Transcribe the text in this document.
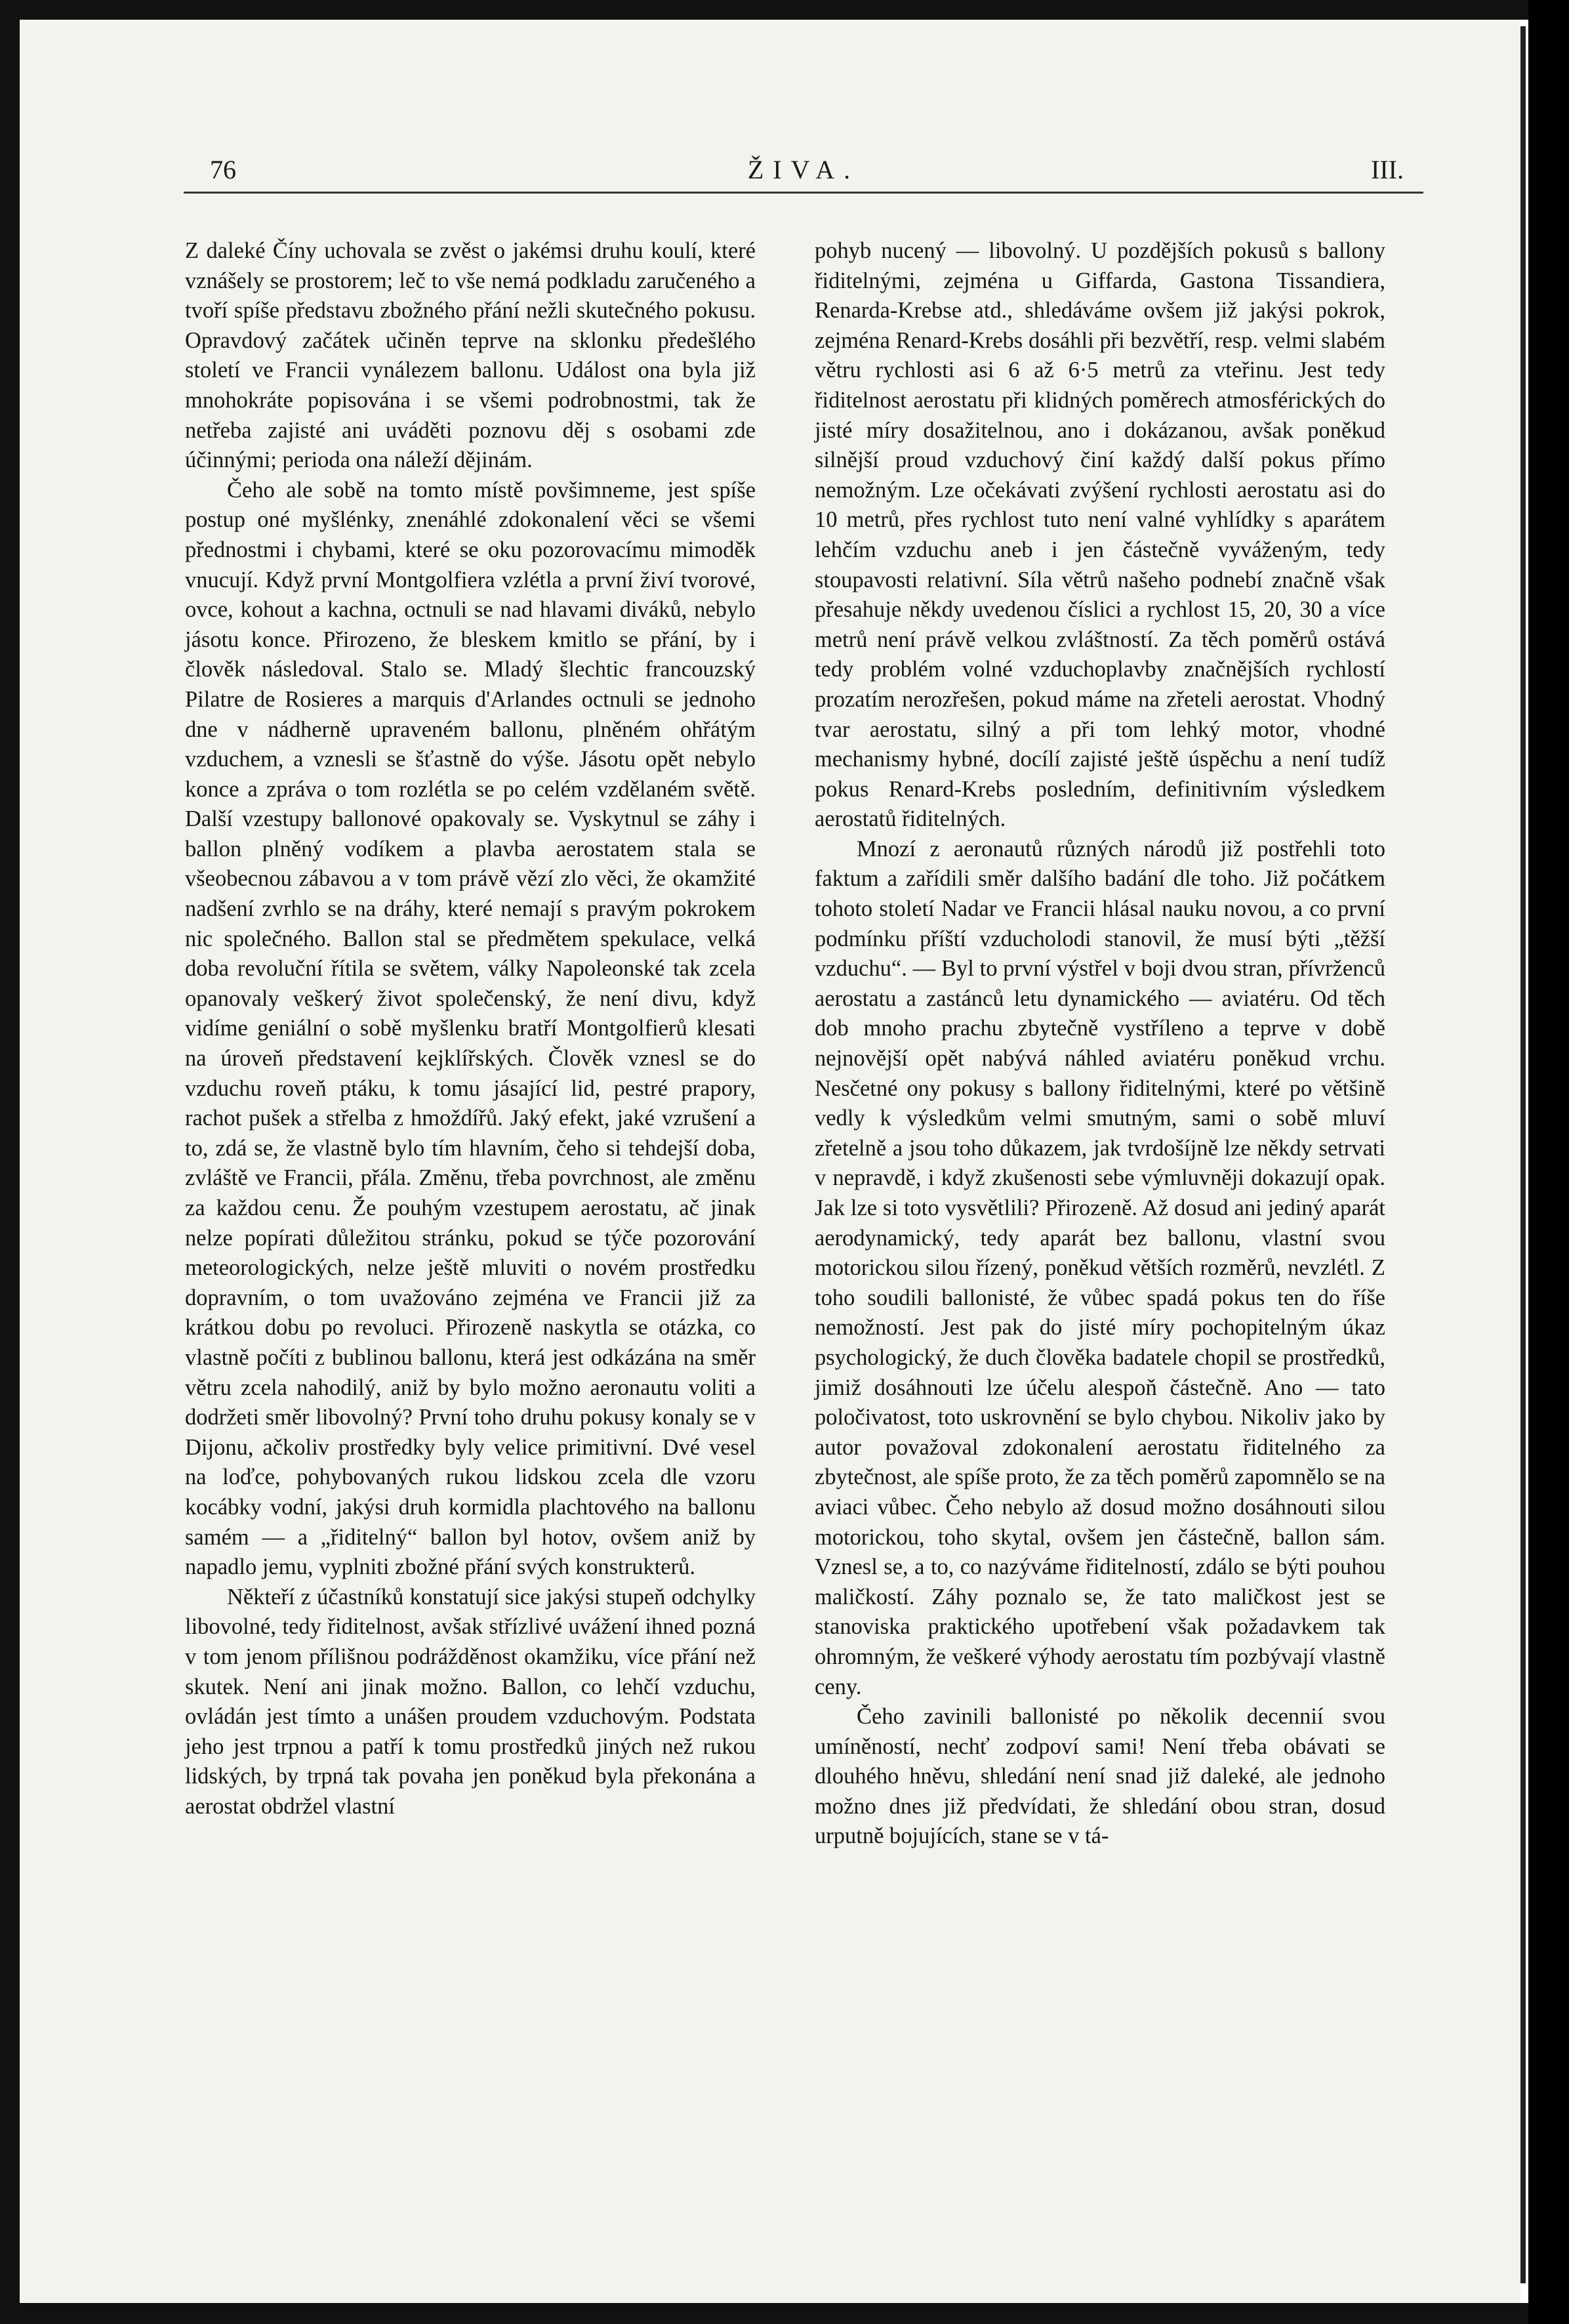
76	ŽIVA.	III.

Z daleké Číny uchovala se zvěst o jakémsi druhu koulí, které vznášely se prostorem; leč to vše nemá podkladu zaručeného a tvoří spíše představu zbožného přání nežli skutečného pokusu. Opravdový začátek učiněn teprve na sklonku předešlého století ve Francii vynálezem ballonu. Událost ona byla již mnohokráte popisována i se všemi podrobnostmi, tak že netřeba zajisté ani uváděti poznovu děj s osobami zde účinnými; perioda ona náleží dějinám.

Čeho ale sobě na tomto místě povšimneme, jest spíše postup oné myšlénky, znenáhlé zdokonalení věci se všemi přednostmi i chybami, které se oku pozorovacímu mimoděk vnucují. Když první Montgolfiera vzlétla a první živí tvorové, ovce, kohout a kachna, octnuli se nad hlavami diváků, nebylo jásotu konce. Přirozeno, že bleskem kmitlo se přání, by i člověk následoval. Stalo se. Mladý šlechtic francouzský Pilatre de Rosieres a marquis d'Arlandes octnuli se jednoho dne v nádherně upraveném ballonu, plněném ohřátým vzduchem, a vznesli se šťastně do výše. Jásotu opět nebylo konce a zpráva o tom rozlétla se po celém vzdělaném světě. Další vzestupy ballonové opakovaly se. Vyskytnul se záhy i ballon plněný vodíkem a plavba aerostatem stala se všeobecnou zábavou a v tom právě vězí zlo věci, že okamžité nadšení zvrhlo se na dráhy, které nemají s pravým pokrokem nic společného. Ballon stal se předmětem spekulace, velká doba revoluční řítila se světem, války Napoleonské tak zcela opanovaly veškerý život společenský, že není divu, když vidíme geniální o sobě myšlenku bratří Montgolfierů klesati na úroveň představení kejklířských. Člověk vznesl se do vzduchu roveň ptáku, k tomu jásající lid, pestré prapory, rachot pušek a střelba z hmoždířů. Jaký efekt, jaké vzrušení a to, zdá se, že vlastně bylo tím hlavním, čeho si tehdejší doba, zvláště ve Francii, přála. Změnu, třeba povrchnost, ale změnu za každou cenu. Že pouhým vzestupem aerostatu, ač jinak nelze popírati důležitou stránku, pokud se týče pozorování meteorologických, nelze ještě mluviti o novém prostředku dopravním, o tom uvažováno zejména ve Francii již za krátkou dobu po revoluci. Přirozeně naskytla se otázka, co vlastně počíti z bublinou ballonu, která jest odkázána na směr větru zcela nahodilý, aniž by bylo možno aeronautu voliti a dodržeti směr libovolný? První toho druhu pokusy konaly se v Dijonu, ačkoliv prostředky byly velice primitivní. Dvé vesel na loďce, pohybovaných rukou lidskou zcela dle vzoru kocábky vodní, jakýsi druh kormidla plachtového na ballonu samém — a „řiditelný“ ballon byl hotov, ovšem aniž by napadlo jemu, vyplniti zbožné přání svých konstrukterů.

Někteří z účastníků konstatují sice jakýsi stupeň odchylky libovolné, tedy řiditelnost, avšak střízlivé uvážení ihned pozná v tom jenom přílišnou podrážděnost okamžiku, více přání než skutek. Není ani jinak možno. Ballon, co lehčí vzduchu, ovládán jest tímto a unášen proudem vzduchovým. Podstata jeho jest trpnou a patří k tomu prostředků jiných než rukou lidských, by trpná tak povaha jen poněkud byla překonána a aerostat obdržel vlastní

pohyb nucený — libovolný. U pozdějších pokusů s ballony řiditelnými, zejména u Giffarda, Gastona Tissandiera, Renarda-Krebse atd., shledáváme ovšem již jakýsi pokrok, zejména Renard-Krebs dosáhli při bezvětří, resp. velmi slabém větru rychlosti asi 6 až 6·5 metrů za vteřinu. Jest tedy řiditelnost aerostatu při klidných poměrech atmosférických do jisté míry dosažitelnou, ano i dokázanou, avšak poněkud silnější proud vzduchový činí každý další pokus přímo nemožným. Lze očekávati zvýšení rychlosti aerostatu asi do 10 metrů, přes rychlost tuto není valné vyhlídky s aparátem lehčím vzduchu aneb i jen částečně vyváženým, tedy stoupavosti relativní. Síla větrů našeho podnebí značně však přesahuje někdy uvedenou číslici a rychlost 15, 20, 30 a více metrů není právě velkou zvláštností. Za těch poměrů ostává tedy problém volné vzduchoplavby značnějších rychlostí prozatím nerozřešen, pokud máme na zřeteli aerostat. Vhodný tvar aerostatu, silný a při tom lehký motor, vhodné mechanismy hybné, docílí zajisté ještě úspěchu a není tudíž pokus Renard-Krebs posledním, definitivním výsledkem aerostatů řiditelných.

Mnozí z aeronautů různých národů již postřehli toto faktum a zařídili směr dalšího badání dle toho. Již počátkem tohoto století Nadar ve Francii hlásal nauku novou, a co první podmínku příští vzducholodi stanovil, že musí býti „těžší vzduchu“. — Byl to první výstřel v boji dvou stran, přívrženců aerostatu a zastánců letu dynamického — aviatéru. Od těch dob mnoho prachu zbytečně vystříleno a teprve v době nejnovější opět nabývá náhled aviatéru poněkud vrchu. Nesčetné ony pokusy s ballony řiditelnými, které po většině vedly k výsledkům velmi smutným, sami o sobě mluví zřetelně a jsou toho důkazem, jak tvrdošíjně lze někdy setrvati v nepravdě, i když zkušenosti sebe výmluvněji dokazují opak. Jak lze si toto vysvětlili? Přirozeně. Až dosud ani jediný aparát aerodynamický, tedy aparát bez ballonu, vlastní svou motorickou silou řízený, poněkud větších rozměrů, nevzlétl. Z toho soudili ballonisté, že vůbec spadá pokus ten do říše nemožností. Jest pak do jisté míry pochopitelným úkaz psychologický, že duch člověka badatele chopil se prostředků, jimiž dosáhnouti lze účelu alespoň částečně. Ano — tato poločivatost, toto uskrovnění se bylo chybou. Nikoliv jako by autor považoval zdokonalení aerostatu řiditelného za zbytečnost, ale spíše proto, že za těch poměrů zapomnělo se na aviaci vůbec. Čeho nebylo až dosud možno dosáhnouti silou motorickou, toho skytal, ovšem jen částečně, ballon sám. Vznesl se, a to, co nazýváme řiditelností, zdálo se býti pouhou maličkostí. Záhy poznalo se, že tato maličkost jest se stanoviska praktického upotřebení však požadavkem tak ohromným, že veškeré výhody aerostatu tím pozbývají vlastně ceny.

Čeho zavinili ballonisté po několik decennií svou umíněností, nechť zodpoví sami! Není třeba obávati se dlouhého hněvu, shledání není snad již daleké, ale jednoho možno dnes již předvídati, že shledání obou stran, dosud urputně bojujících, stane se v tá-
